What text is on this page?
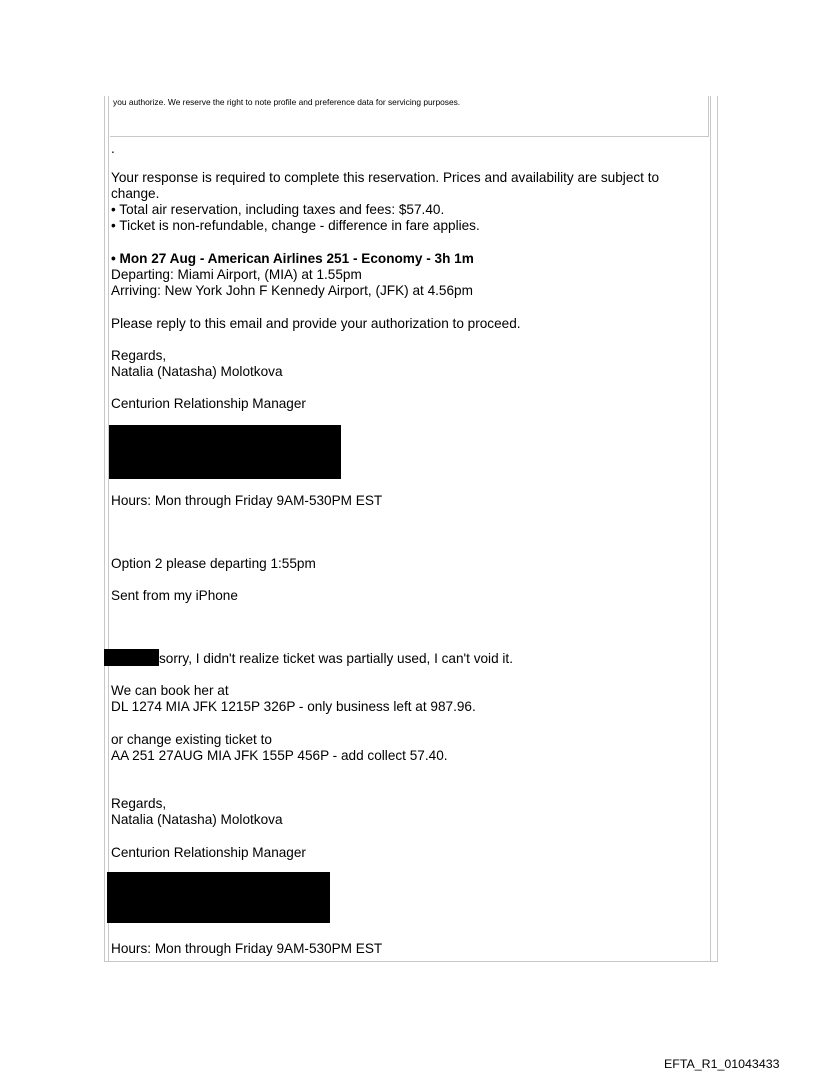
you authorize. We reserve the right to note profile and preference data for servicing purposes.
.
Your response is required to complete this reservation. Prices and availability are subject to
change.
• Total air reservation, including taxes and fees: $57.40.
• Ticket is non-refundable, change - difference in fare applies.
• Mon 27 Aug - American Airlines 251 - Economy - 3h 1m
Departing: Miami Airport, (MIA) at 1.55pm
Arriving: New York John F Kennedy Airport, (JFK) at 4.56pm
Please reply to this email and provide your authorization to proceed.
Regards,
Natalia (Natasha) Molotkova
Centurion Relationship Manager
Hours: Mon through Friday 9AM-530PM EST
Option 2 please departing 1:55pm
Sent from my iPhone
sorry, I didn't realize ticket was partially used, I can't void it.
We can book her at
DL 1274 MIA JFK 1215P 326P - only business left at 987.96.
or change existing ticket to
AA 251 27AUG MIA JFK 155P 456P - add collect 57.40.
Regards,
Natalia (Natasha) Molotkova
Centurion Relationship Manager
Hours: Mon through Friday 9AM-530PM EST
EFTA_R1_01043433
